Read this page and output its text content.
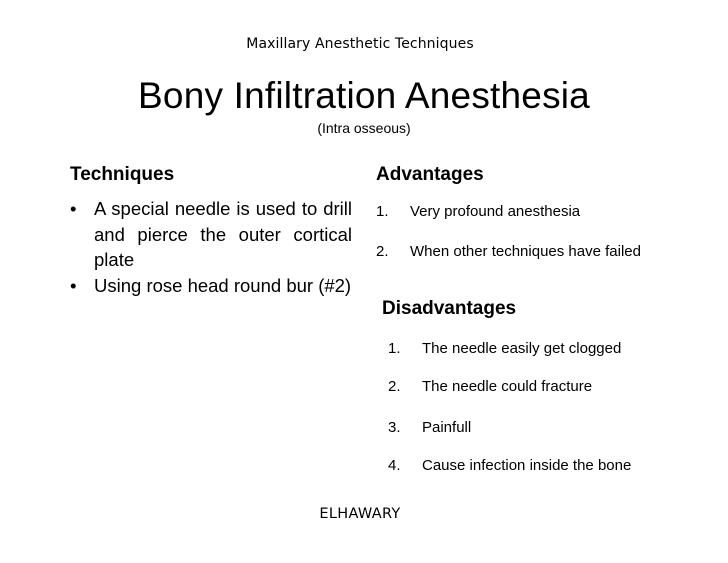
Maxillary Anesthetic Techniques
Bony Infiltration Anesthesia
(Intra osseous)
Techniques
• A special needle is used to drill and pierce the outer cortical plate
• Using rose head round bur (#2)
Advantages
1. Very profound anesthesia
2. When other techniques have failed
Disadvantages
1. The needle easily get clogged
2. The needle could fracture
3. Painfull
4. Cause infection inside the bone
ELHAWARY
